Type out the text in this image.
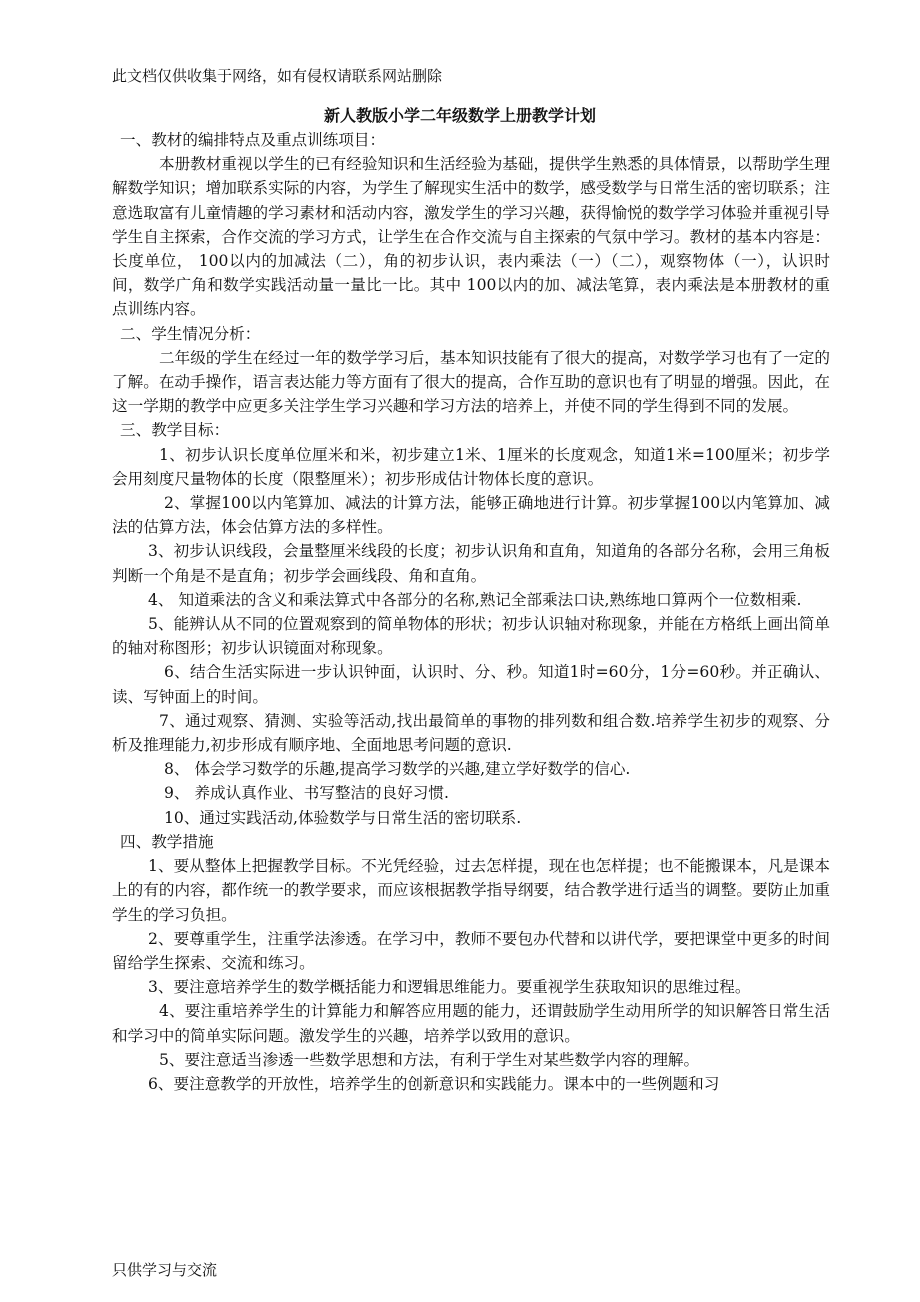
此文档仅供收集于网络，如有侵权请联系网站删除
新人教版小学二年级数学上册教学计划

一、教材的编排特点及重点训练项目：

本册教材重视以学生的已有经验知识和生活经验为基础，提供学生熟悉的具体情景，以帮助学生理解数学知识；增加联系实际的内容，为学生了解现实生活中的数学，感受数学与日常生活的密切联系；注意选取富有儿童情趣的学习素材和活动内容，激发学生的学习兴趣，获得愉悦的数学学习体验并重视引导学生自主探索，合作交流的学习方式，让学生在合作交流与自主探索的气氛中学习。教材的基本内容是：长度单位， 100以内的加减法（二），角的初步认识，表内乘法（一）（二），观察物体（一），认识时间，数学广角和数学实践活动量一量比一比。其中 100以内的加、减法笔算，表内乘法是本册教材的重点训练内容。

二、学生情况分析：

二年级的学生在经过一年的数学学习后，基本知识技能有了很大的提高，对数学学习也有了一定的了解。在动手操作，语言表达能力等方面有了很大的提高，合作互助的意识也有了明显的增强。因此，在这一学期的教学中应更多关注学生学习兴趣和学习方法的培养上，并使不同的学生得到不同的发展。

三、教学目标：

1、初步认识长度单位厘米和米，初步建立1米、1厘米的长度观念，知道1米=100厘米；初步学会用刻度尺量物体的长度（限整厘米）；初步形成估计物体长度的意识。

2、掌握100以内笔算加、减法的计算方法，能够正确地进行计算。初步掌握100以内笔算加、减法的估算方法，体会估算方法的多样性。

3、初步认识线段，会量整厘米线段的长度；初步认识角和直角，知道角的各部分名称，会用三角板判断一个角是不是直角；初步学会画线段、角和直角。

4、 知道乘法的含义和乘法算式中各部分的名称,熟记全部乘法口诀,熟练地口算两个一位数相乘.

5、能辨认从不同的位置观察到的简单物体的形状；初步认识轴对称现象，并能在方格纸上画出简单的轴对称图形；初步认识镜面对称现象。

6、结合生活实际进一步认识钟面，认识时、分、秒。知道1时=60分，1分=60秒。并正确认、读、写钟面上的时间。

7、通过观察、猜测、实验等活动,找出最简单的事物的排列数和组合数.培养学生初步的观察、分析及推理能力,初步形成有顺序地、全面地思考问题的意识.

8、 体会学习数学的乐趣,提高学习数学的兴趣,建立学好数学的信心.

9、 养成认真作业、书写整洁的良好习惯.

10、通过实践活动,体验数学与日常生活的密切联系.

四、教学措施

1、要从整体上把握教学目标。不光凭经验，过去怎样提，现在也怎样提；也不能搬课本，凡是课本上的有的内容，都作统一的教学要求，而应该根据教学指导纲要，结合教学进行适当的调整。要防止加重学生的学习负担。

2、要尊重学生，注重学法渗透。在学习中，教师不要包办代替和以讲代学，要把课堂中更多的时间留给学生探索、交流和练习。

3、要注意培养学生的数学概括能力和逻辑思维能力。要重视学生获取知识的思维过程。

4、要注重培养学生的计算能力和解答应用题的能力，还谓鼓励学生动用所学的知识解答日常生活和学习中的简单实际问题。激发学生的兴趣，培养学以致用的意识。

5、要注意适当渗透一些数学思想和方法，有利于学生对某些数学内容的理解。

6、要注意教学的开放性，培养学生的创新意识和实践能力。课本中的一些例题和习

只供学习与交流
